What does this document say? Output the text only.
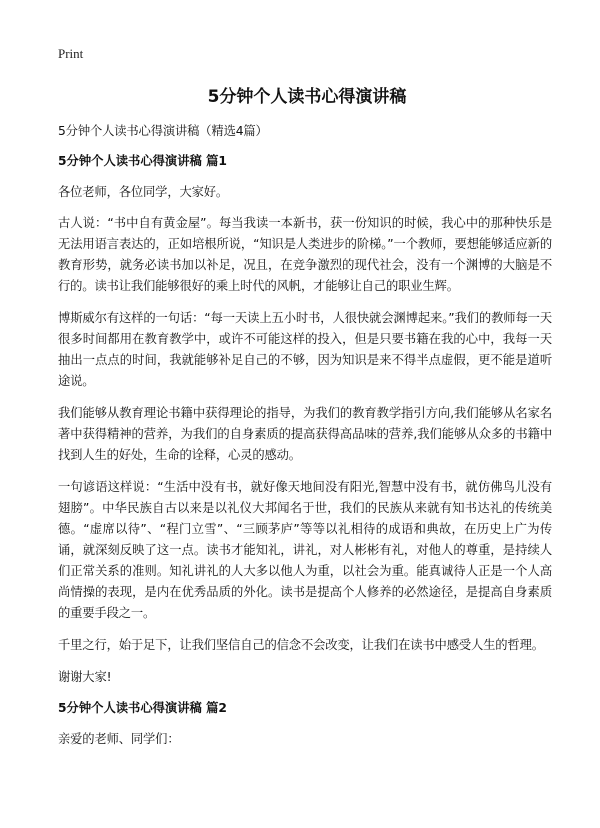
Print
5分钟个人读书心得演讲稿

5分钟个人读书心得演讲稿（精选4篇）

5分钟个人读书心得演讲稿 篇1

各位老师，各位同学，大家好。

古人说：“书中自有黄金屋”。每当我读一本新书，获一份知识的时候，我心中的那种快乐是无法用语言表达的，正如培根所说，“知识是人类进步的阶梯。”一个教师，要想能够适应新的教育形势，就务必读书加以补足，况且，在竞争激烈的现代社会，没有一个渊博的大脑是不行的。读书让我们能够很好的乘上时代的风帆，才能够让自己的职业生辉。

博斯威尔有这样的一句话：“每一天读上五小时书，人很快就会渊博起来。”我们的教师每一天很多时间都用在教育教学中，或许不可能这样的投入，但是只要书籍在我的心中，我每一天抽出一点点的时间，我就能够补足自己的不够，因为知识是来不得半点虚假，更不能是道听途说。

我们能够从教育理论书籍中获得理论的指导，为我们的教育教学指引方向,我们能够从名家名著中获得精神的营养，为我们的自身素质的提高获得高品味的营养,我们能够从众多的书籍中找到人生的好处，生命的诠释，心灵的感动。

一句谚语这样说：“生活中没有书，就好像天地间没有阳光,智慧中没有书，就仿佛鸟儿没有翅膀”。中华民族自古以来是以礼仪大邦闻名于世，我们的民族从来就有知书达礼的传统美德。“虚席以待”、“程门立雪”、“三顾茅庐”等等以礼相待的成语和典故，在历史上广为传诵，就深刻反映了这一点。读书才能知礼，讲礼，对人彬彬有礼，对他人的尊重，是持续人们正常关系的准则。知礼讲礼的人大多以他人为重，以社会为重。能真诚待人正是一个人高尚情操的表现，是内在优秀品质的外化。读书是提高个人修养的必然途径，是提高自身素质的重要手段之一。

千里之行，始于足下，让我们坚信自己的信念不会改变，让我们在读书中感受人生的哲理。

谢谢大家!

5分钟个人读书心得演讲稿 篇2

亲爱的老师、同学们：
